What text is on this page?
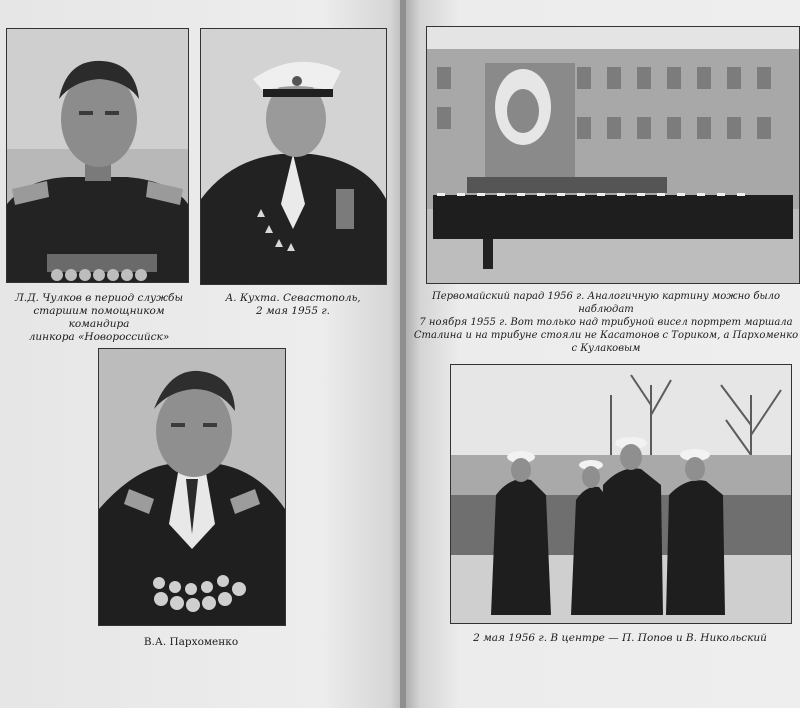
Л.Д. Чулков в период службы
старшим помощником командира
линкора «Новороссийск»

А. Кухта. Севастополь,
2 мая 1955 г.

Первомайский парад 1956 г. Аналогичную картину можно было наблюдат
7 ноября 1955 г. Вот только над трибуной висел портрет маршала
Сталина и на трибуне стояли не Касатонов с Ториком, а Пархоменко
с Кулаковым

В.А. Пархоменко	2 мая 1956 г. В центре — П. Попов и В. Никольский
